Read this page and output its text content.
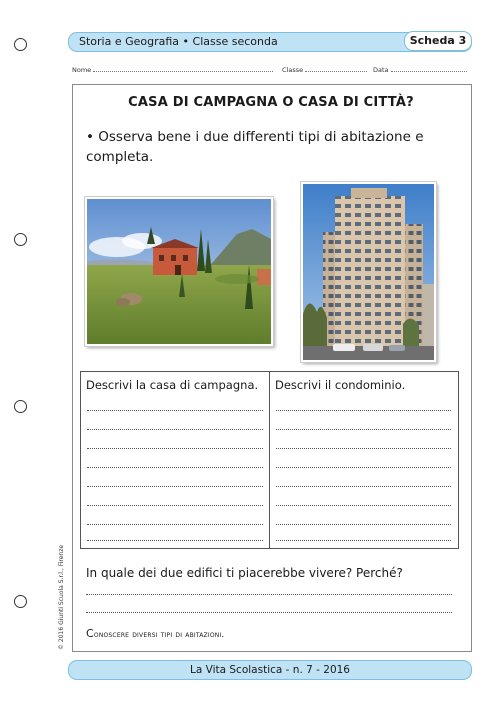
Storia e Geografia • Classe seconda	Scheda 3
Nome	Classe	Data
CASA DI CAMPAGNA O CASA DI CITTÀ?
• Osserva bene i due differenti tipi di abitazione e completa.
Descrivi la casa di campagna. Descrivi il condominio.
In quale dei due edifici ti piacerebbe vivere? Perché?
Conoscere diversi tipi di abitazioni.
© 2016 Giunti Scuola S.r.l., Firenze
La Vita Scolastica - n. 7 - 2016
